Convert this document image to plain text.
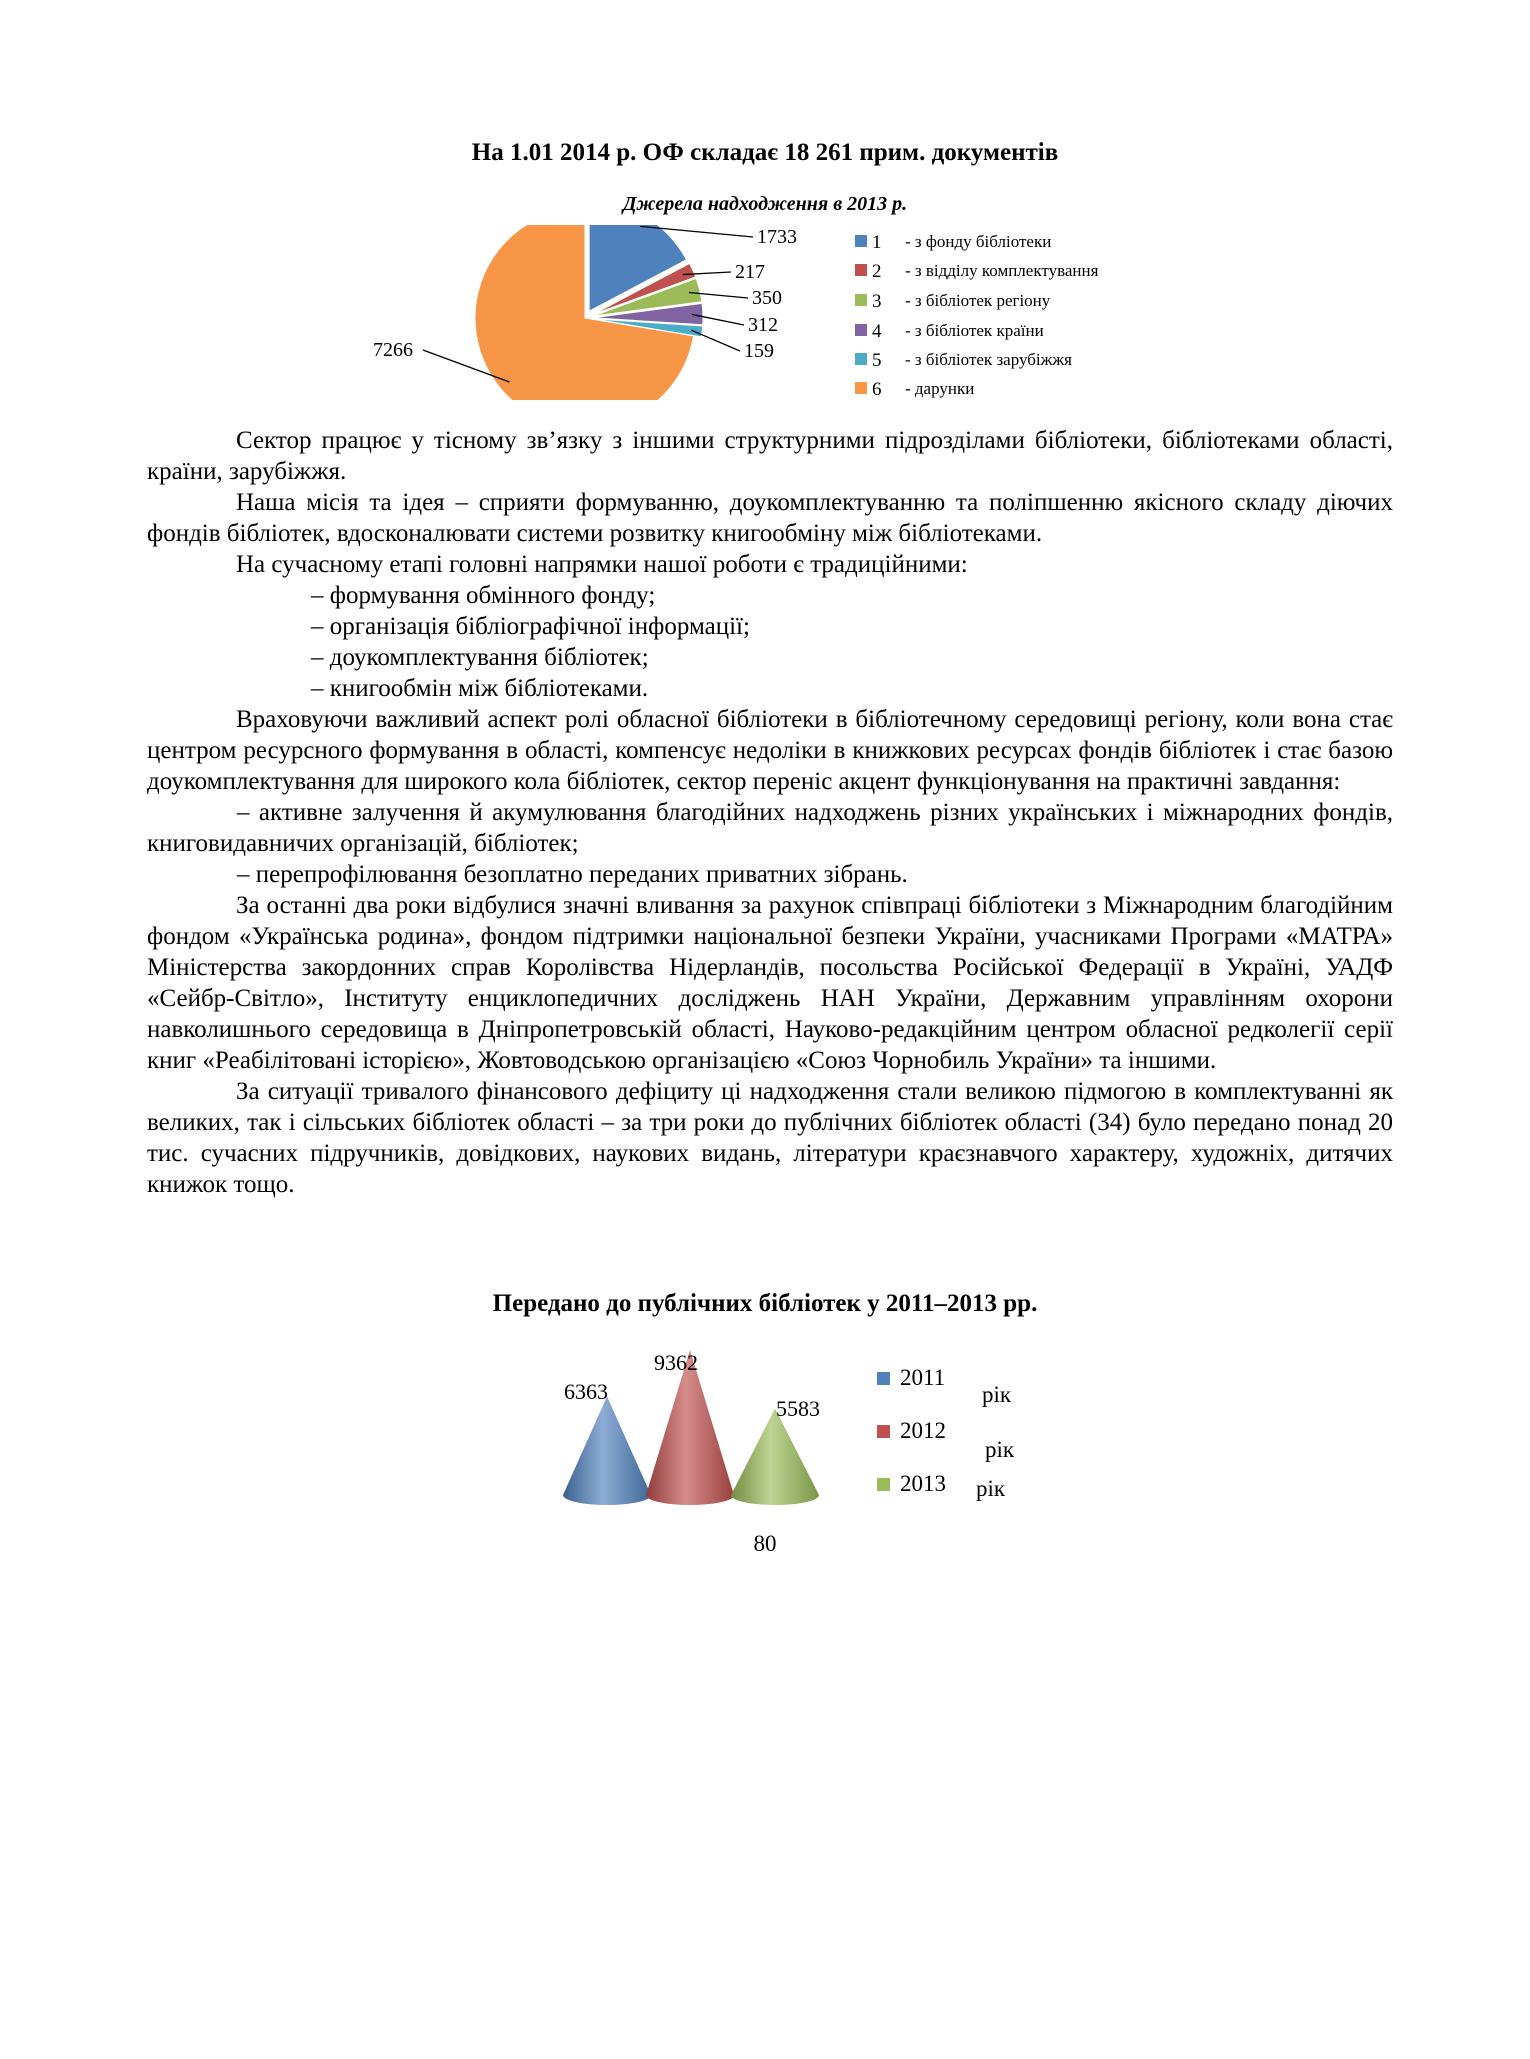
На 1.01 2014 р. ОФ складає 18 261 прим. документів
Джерела надходження в 2013 р.
1733
217
350
312
159
7266
1 - з фонду бібліотеки
2 - з відділу комплектування
3 - з бібліотек регіону
4 - з бібліотек країни
5 - з бібліотек зарубіжжя
6 - дарунки

Сектор працює у тісному зв’язку з іншими структурними підрозділами бібліотеки, бібліотеками області, країни, зарубіжжя.

Наша місія та ідея – сприяти формуванню, доукомплектуванню та поліпшенню якісного складу діючих фондів бібліотек, вдосконалювати системи розвитку книгообміну між бібліотеками.

На сучасному етапі головні напрямки нашої роботи є традиційними:

– формування обмінного фонду;

– організація бібліографічної інформації;

– доукомплектування бібліотек;

– книгообмін між бібліотеками.

Враховуючи важливий аспект ролі обласної бібліотеки в бібліотечному середовищі регіону, коли вона стає центром ресурсного формування в області, компенсує недоліки в книжкових ресурсах фондів бібліотек і стає базою доукомплектування для широкого кола бібліотек, сектор переніс акцент функціонування на практичні завдання:

– активне залучення й акумулювання благодійних надходжень різних українських і міжнародних фондів, книговидавничих організацій, бібліотек;

– перепрофілювання безоплатно переданих приватних зібрань.

За останні два роки відбулися значні вливання за рахунок співпраці бібліотеки з Міжнародним благодійним фондом «Українська родина», фондом підтримки національної безпеки України, учасниками Програми «МАТРА» Міністерства закордонних справ Королівства Нідерландів, посольства Російської Федерації в Україні, УАДФ «Сейбр-Світло», Інституту енциклопедичних досліджень НАН України, Державним управлінням охорони навколишнього середовища в Дніпропетровській області, Науково-редакційним центром обласної редколегії серії книг «Реабілітовані історією», Жовтоводською організацією «Союз Чорнобиль України» та іншими.

За ситуації тривалого фінансового дефіциту ці надходження стали великою підмогою в комплектуванні як великих, так і сільських бібліотек області – за три роки до публічних бібліотек області (34) було передано понад 20 тис. сучасних підручників, довідкових, наукових видань, літератури краєзнавчого характеру, художніх, дитячих книжок тощо.

Передано до публічних бібліотек у 2011–2013 рр.
6363
9362
5583
2011
рік
2012
рік
2013 рік
80
